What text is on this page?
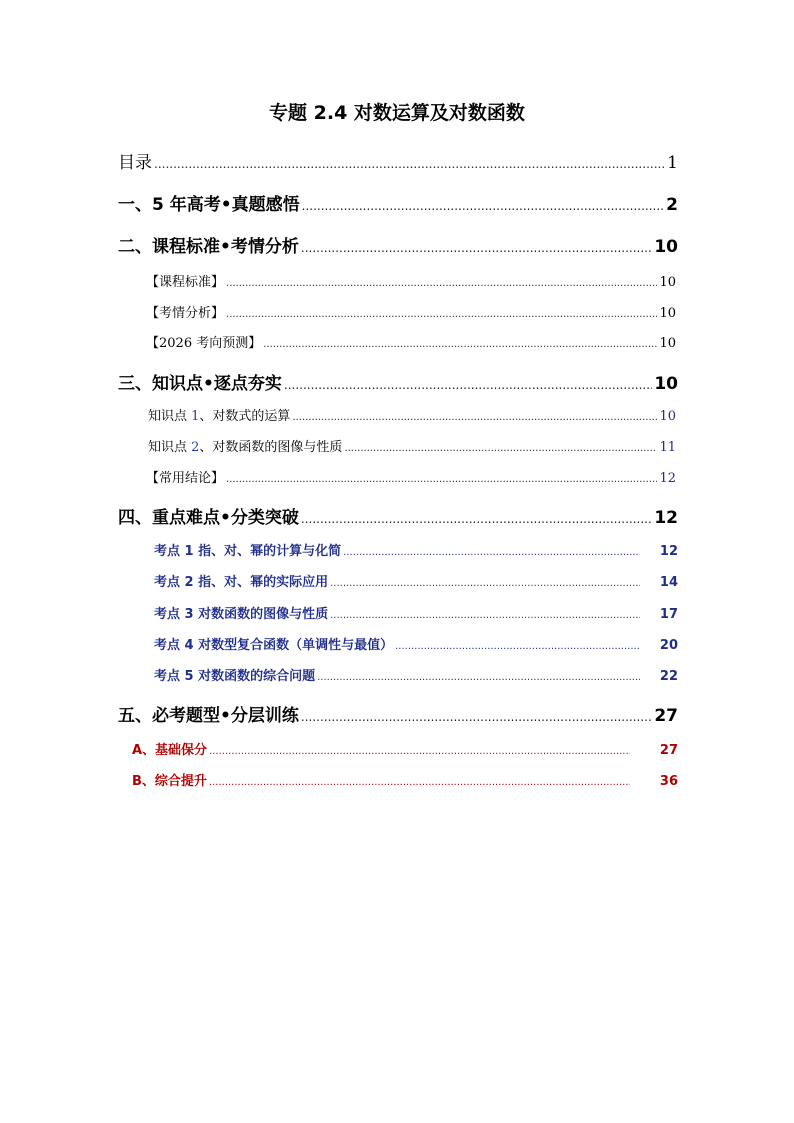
专题 2.4 对数运算及对数函数
目录 .....	1
一、5 年高考•真题感悟 .....	2
二、课程标准•考情分析 .....	10
【课程标准】 .....	10
【考情分析】 .....	10
【2026 考向预测】 .....	10
三、知识点•逐点夯实 .....	10
知识点 1、对数式的运算 .....	10
知识点 2、对数函数的图像与性质 .....	11
【常用结论】 .....	12
四、重点难点•分类突破 .....	12
考点 1 指、对、幂的计算与化简 .....	12
考点 2 指、对、幂的实际应用 .....	14
考点 3 对数函数的图像与性质 .....	17
考点 4 对数型复合函数（单调性与最值） .....	20
考点 5 对数函数的综合问题 .....	22
五、必考题型•分层训练 .....	27
A、基础保分 .....	27
B、综合提升 .....	36
